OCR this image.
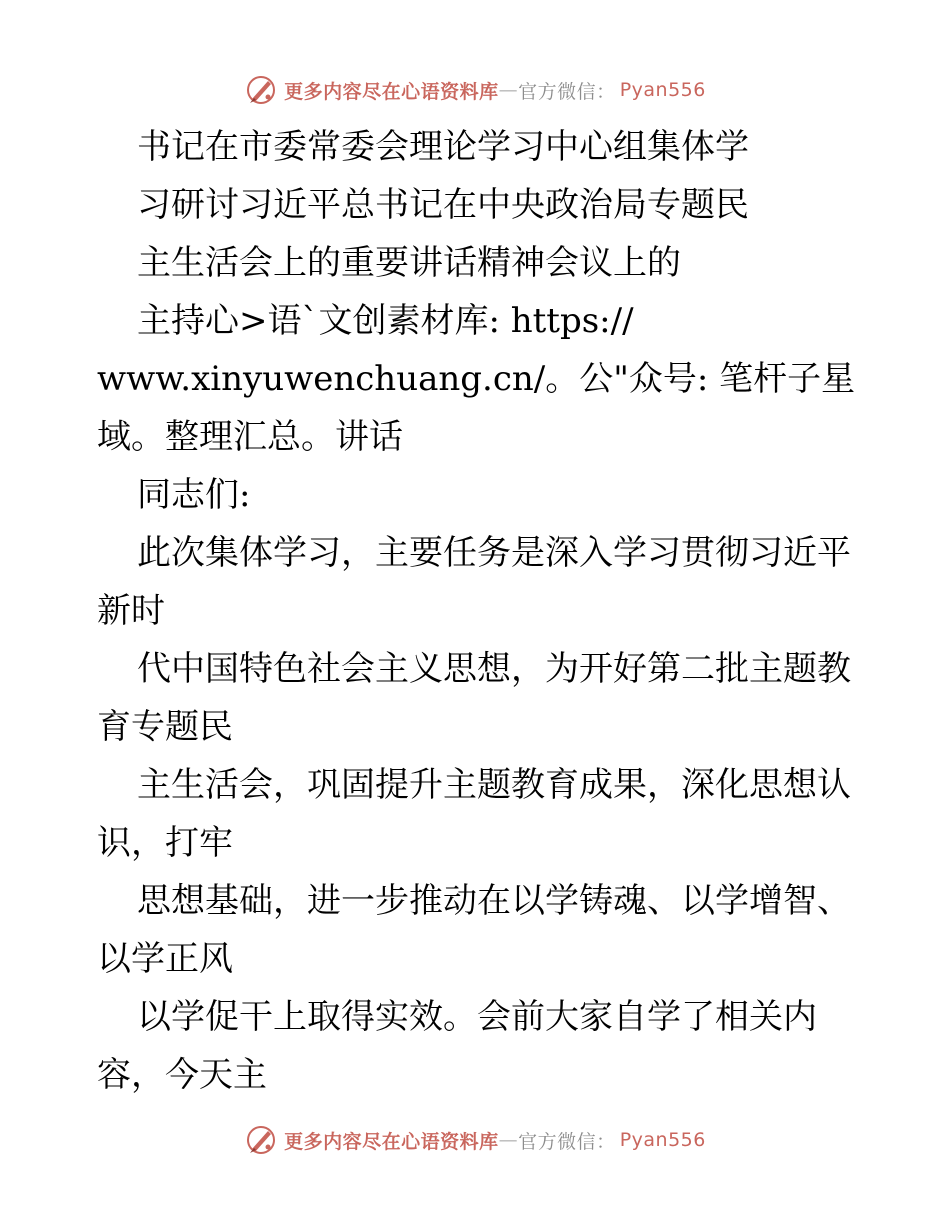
更多内容尽在心语资料库 — 官方微信： Pyan556
书记在市委常委会理论学习中心组集体学
习研讨习近平总书记在中央政治局专题民
主生活会上的重要讲话精神会议上的
主持心>语`文创素材库: https://
www.xinyuwenchuang.cn/。公"众号: 笔杆子星
域。整理汇总。讲话
同志们:
此次集体学习，主要任务是深入学习贯彻习近平
新时
代中国特色社会主义思想，为开好第二批主题教
育专题民
主生活会，巩固提升主题教育成果，深化思想认
识，打牢
思想基础，进一步推动在以学铸魂、以学增智、
以学正风
以学促干上取得实效。会前大家自学了相关内
容，今天主
更多内容尽在心语资料库 — 官方微信： Pyan556
